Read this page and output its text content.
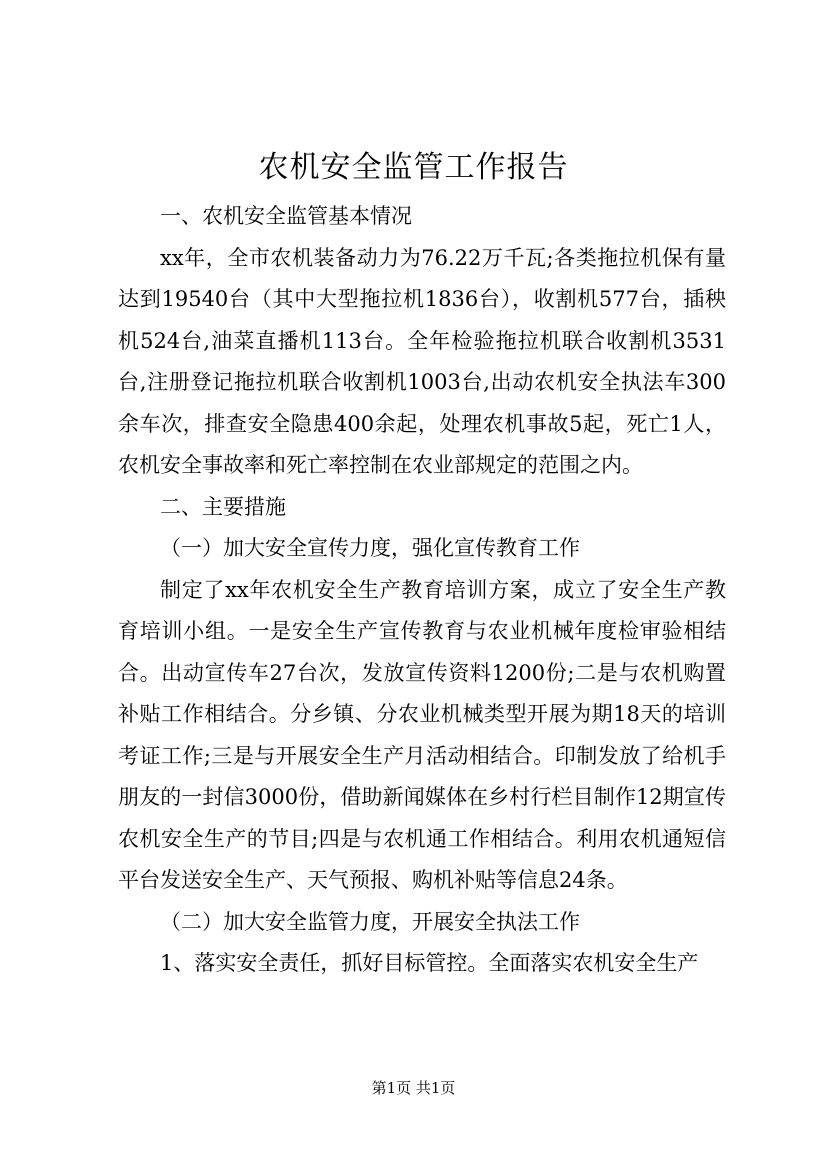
农机安全监管工作报告

一、农机安全监管基本情况

xx年，全市农机装备动力为76.22万千瓦;各类拖拉机保有量达到19540台（其中大型拖拉机1836台），收割机577台，插秧机524台,油菜直播机113台。全年检验拖拉机联合收割机3531台,注册登记拖拉机联合收割机1003台,出动农机安全执法车300余车次，排查安全隐患400余起，处理农机事故5起，死亡1人，农机安全事故率和死亡率控制在农业部规定的范围之内。

二、主要措施

（一）加大安全宣传力度，强化宣传教育工作

制定了xx年农机安全生产教育培训方案，成立了安全生产教育培训小组。一是安全生产宣传教育与农业机械年度检审验相结合。出动宣传车27台次，发放宣传资料1200份;二是与农机购置补贴工作相结合。分乡镇、分农业机械类型开展为期18天的培训考证工作;三是与开展安全生产月活动相结合。印制发放了给机手朋友的一封信3000份，借助新闻媒体在乡村行栏目制作12期宣传农机安全生产的节目;四是与农机通工作相结合。利用农机通短信平台发送安全生产、天气预报、购机补贴等信息24条。

（二）加大安全监管力度，开展安全执法工作

1、落实安全责任，抓好目标管控。全面落实农机安全生产

第1页 共1页
